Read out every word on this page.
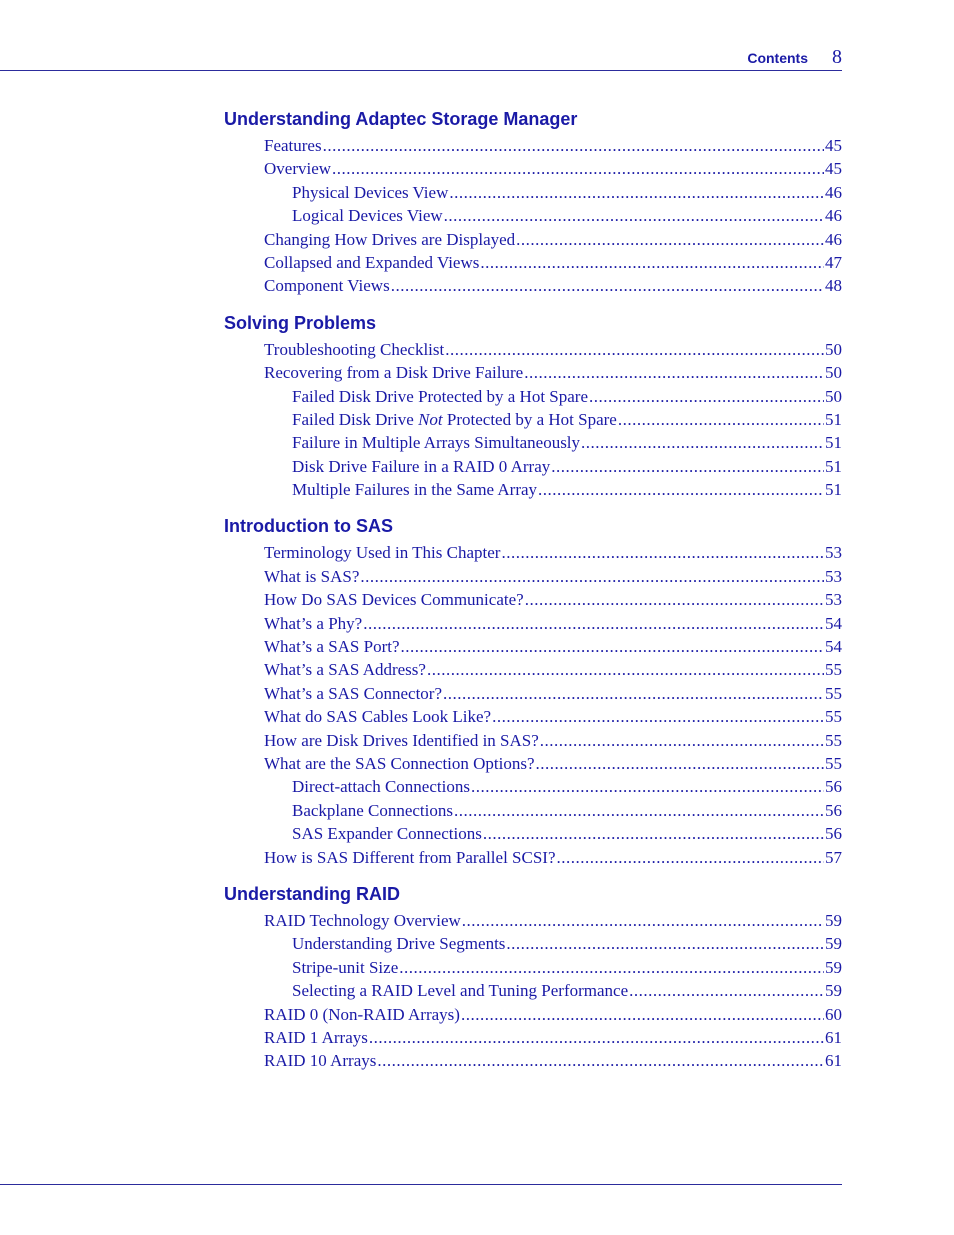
Contents 8
Understanding Adaptec Storage Manager
Features .....	45
Overview .....	45
Physical Devices View .....	46
Logical Devices View .....	46
Changing How Drives are Displayed .....	46
Collapsed and Expanded Views .....	47
Component Views .....	48
Solving Problems
Troubleshooting Checklist .....	50
Recovering from a Disk Drive Failure .....	50
Failed Disk Drive Protected by a Hot Spare .....	50
Failed Disk Drive Not Protected by a Hot Spare .....	51
Failure in Multiple Arrays Simultaneously .....	51
Disk Drive Failure in a RAID 0 Array .....	51
Multiple Failures in the Same Array .....	51
Introduction to SAS
Terminology Used in This Chapter .....	53
What is SAS? .....	53
How Do SAS Devices Communicate? .....	53
What’s a Phy? .....	54
What’s a SAS Port? .....	54
What’s a SAS Address? .....	55
What’s a SAS Connector? .....	55
What do SAS Cables Look Like? .....	55
How are Disk Drives Identified in SAS? .....	55
What are the SAS Connection Options? .....	55
Direct-attach Connections .....	56
Backplane Connections .....	56
SAS Expander Connections .....	56
How is SAS Different from Parallel SCSI? .....	57
Understanding RAID
RAID Technology Overview .....	59
Understanding Drive Segments .....	59
Stripe-unit Size .....	59
Selecting a RAID Level and Tuning Performance .....	59
RAID 0 (Non-RAID Arrays) .....	60
RAID 1 Arrays .....	61
RAID 10 Arrays .....	61
